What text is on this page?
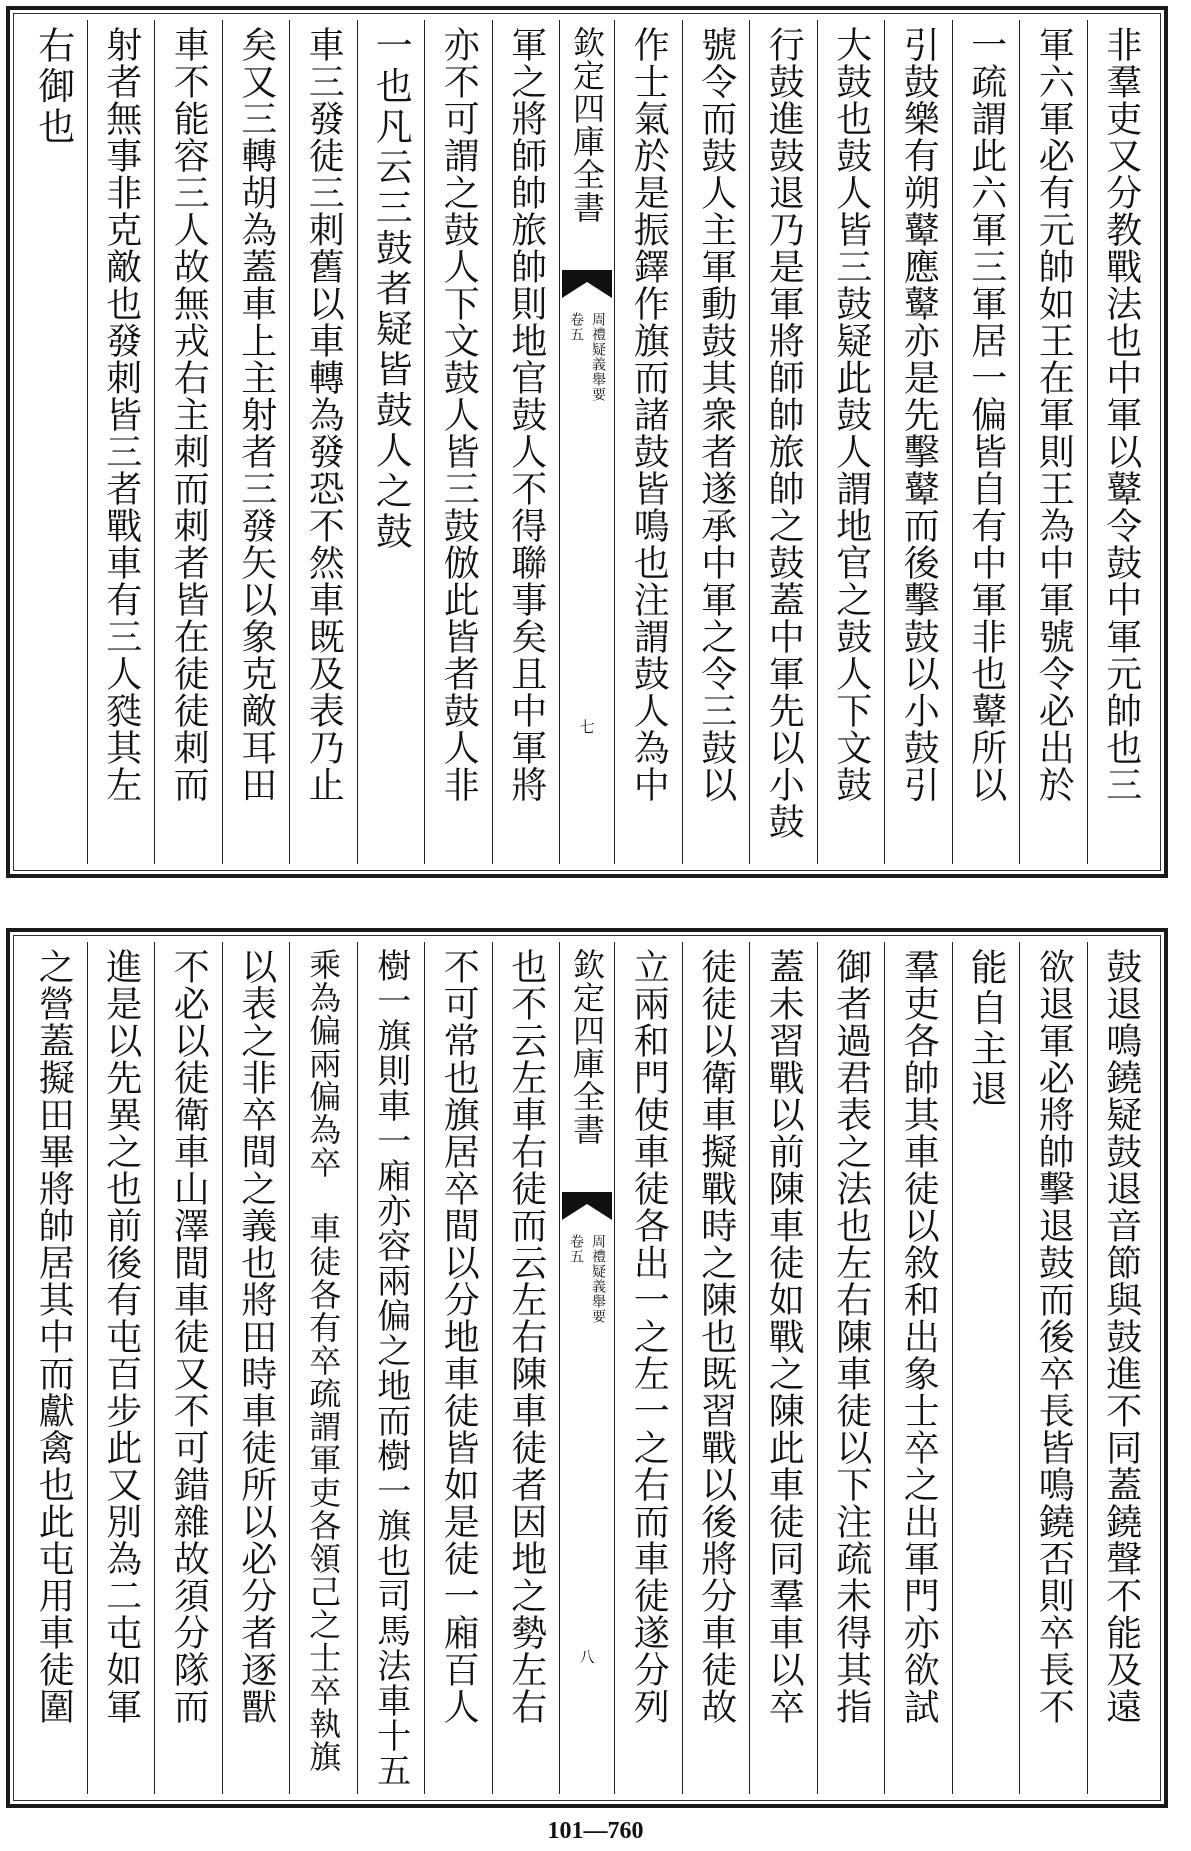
非羣吏又分教戰法也中軍以鼙令鼓中軍元帥也三
軍六軍必有元帥如王在軍則王為中軍號令必出於
一疏謂此六軍三軍居一偏皆自有中軍非也鼙所以
引鼓樂有朔鼙應鼙亦是先擊鼙而後擊鼓以小鼓引
大鼓也鼓人皆三鼓疑此鼓人謂地官之鼓人下文鼓
行鼓進鼓退乃是軍將師帥旅帥之鼓蓋中軍先以小鼓
號令而鼓人主軍動鼓其衆者遂承中軍之令三鼓以
作士氣於是振鐸作旗而諸鼓皆鳴也注謂鼓人為中
欽定四庫全書
周禮疑義舉要
卷五
七
軍之將師帥旅帥則地官鼓人不得聯事矣且中軍將
亦不可謂之鼓人下文鼓人皆三鼓倣此皆者鼓人非
一也凡云三鼓者疑皆鼓人之鼓
車三發徒三刺舊以車轉為發恐不然車既及表乃止
矣又三轉胡為蓋車上主射者三發矢以象克敵耳田
車不能容三人故無戎右主刺而刺者皆在徒徒刺而
射者無事非克敵也發刺皆三者戰車有三人甤其左
右御也
鼓退鳴鐃疑鼓退音節與鼓進不同蓋鐃聲不能及遠
欲退軍必將帥擊退鼓而後卒長皆鳴鐃否則卒長不
能自主退
羣吏各帥其車徒以敘和出象士卒之出軍門亦欲試
御者過君表之法也左右陳車徒以下注疏未得其指
蓋未習戰以前陳車徒如戰之陳此車徒同羣車以卒
徒徒以衛車擬戰時之陳也既習戰以後將分車徒故
立兩和門使車徒各出一之左一之右而車徒遂分列
欽定四庫全書
周禮疑義舉要
卷五
八
也不云左車右徒而云左右陳車徒者因地之勢左右
不可常也旗居卒間以分地車徒皆如是徒一廂百人
樹一旗則車一廂亦容兩偏之地而樹一旗也司馬法車十五
乘為偏兩偏為卒　車徒各有卒疏謂軍吏各領己之士卒執旗
以表之非卒間之義也將田時車徒所以必分者逐獸
不必以徒衛車山澤間車徒又不可錯雜故須分隊而
進是以先異之也前後有屯百步此又別為二屯如軍
之營蓋擬田畢將帥居其中而獻禽也此屯用車徒圍
101—760
